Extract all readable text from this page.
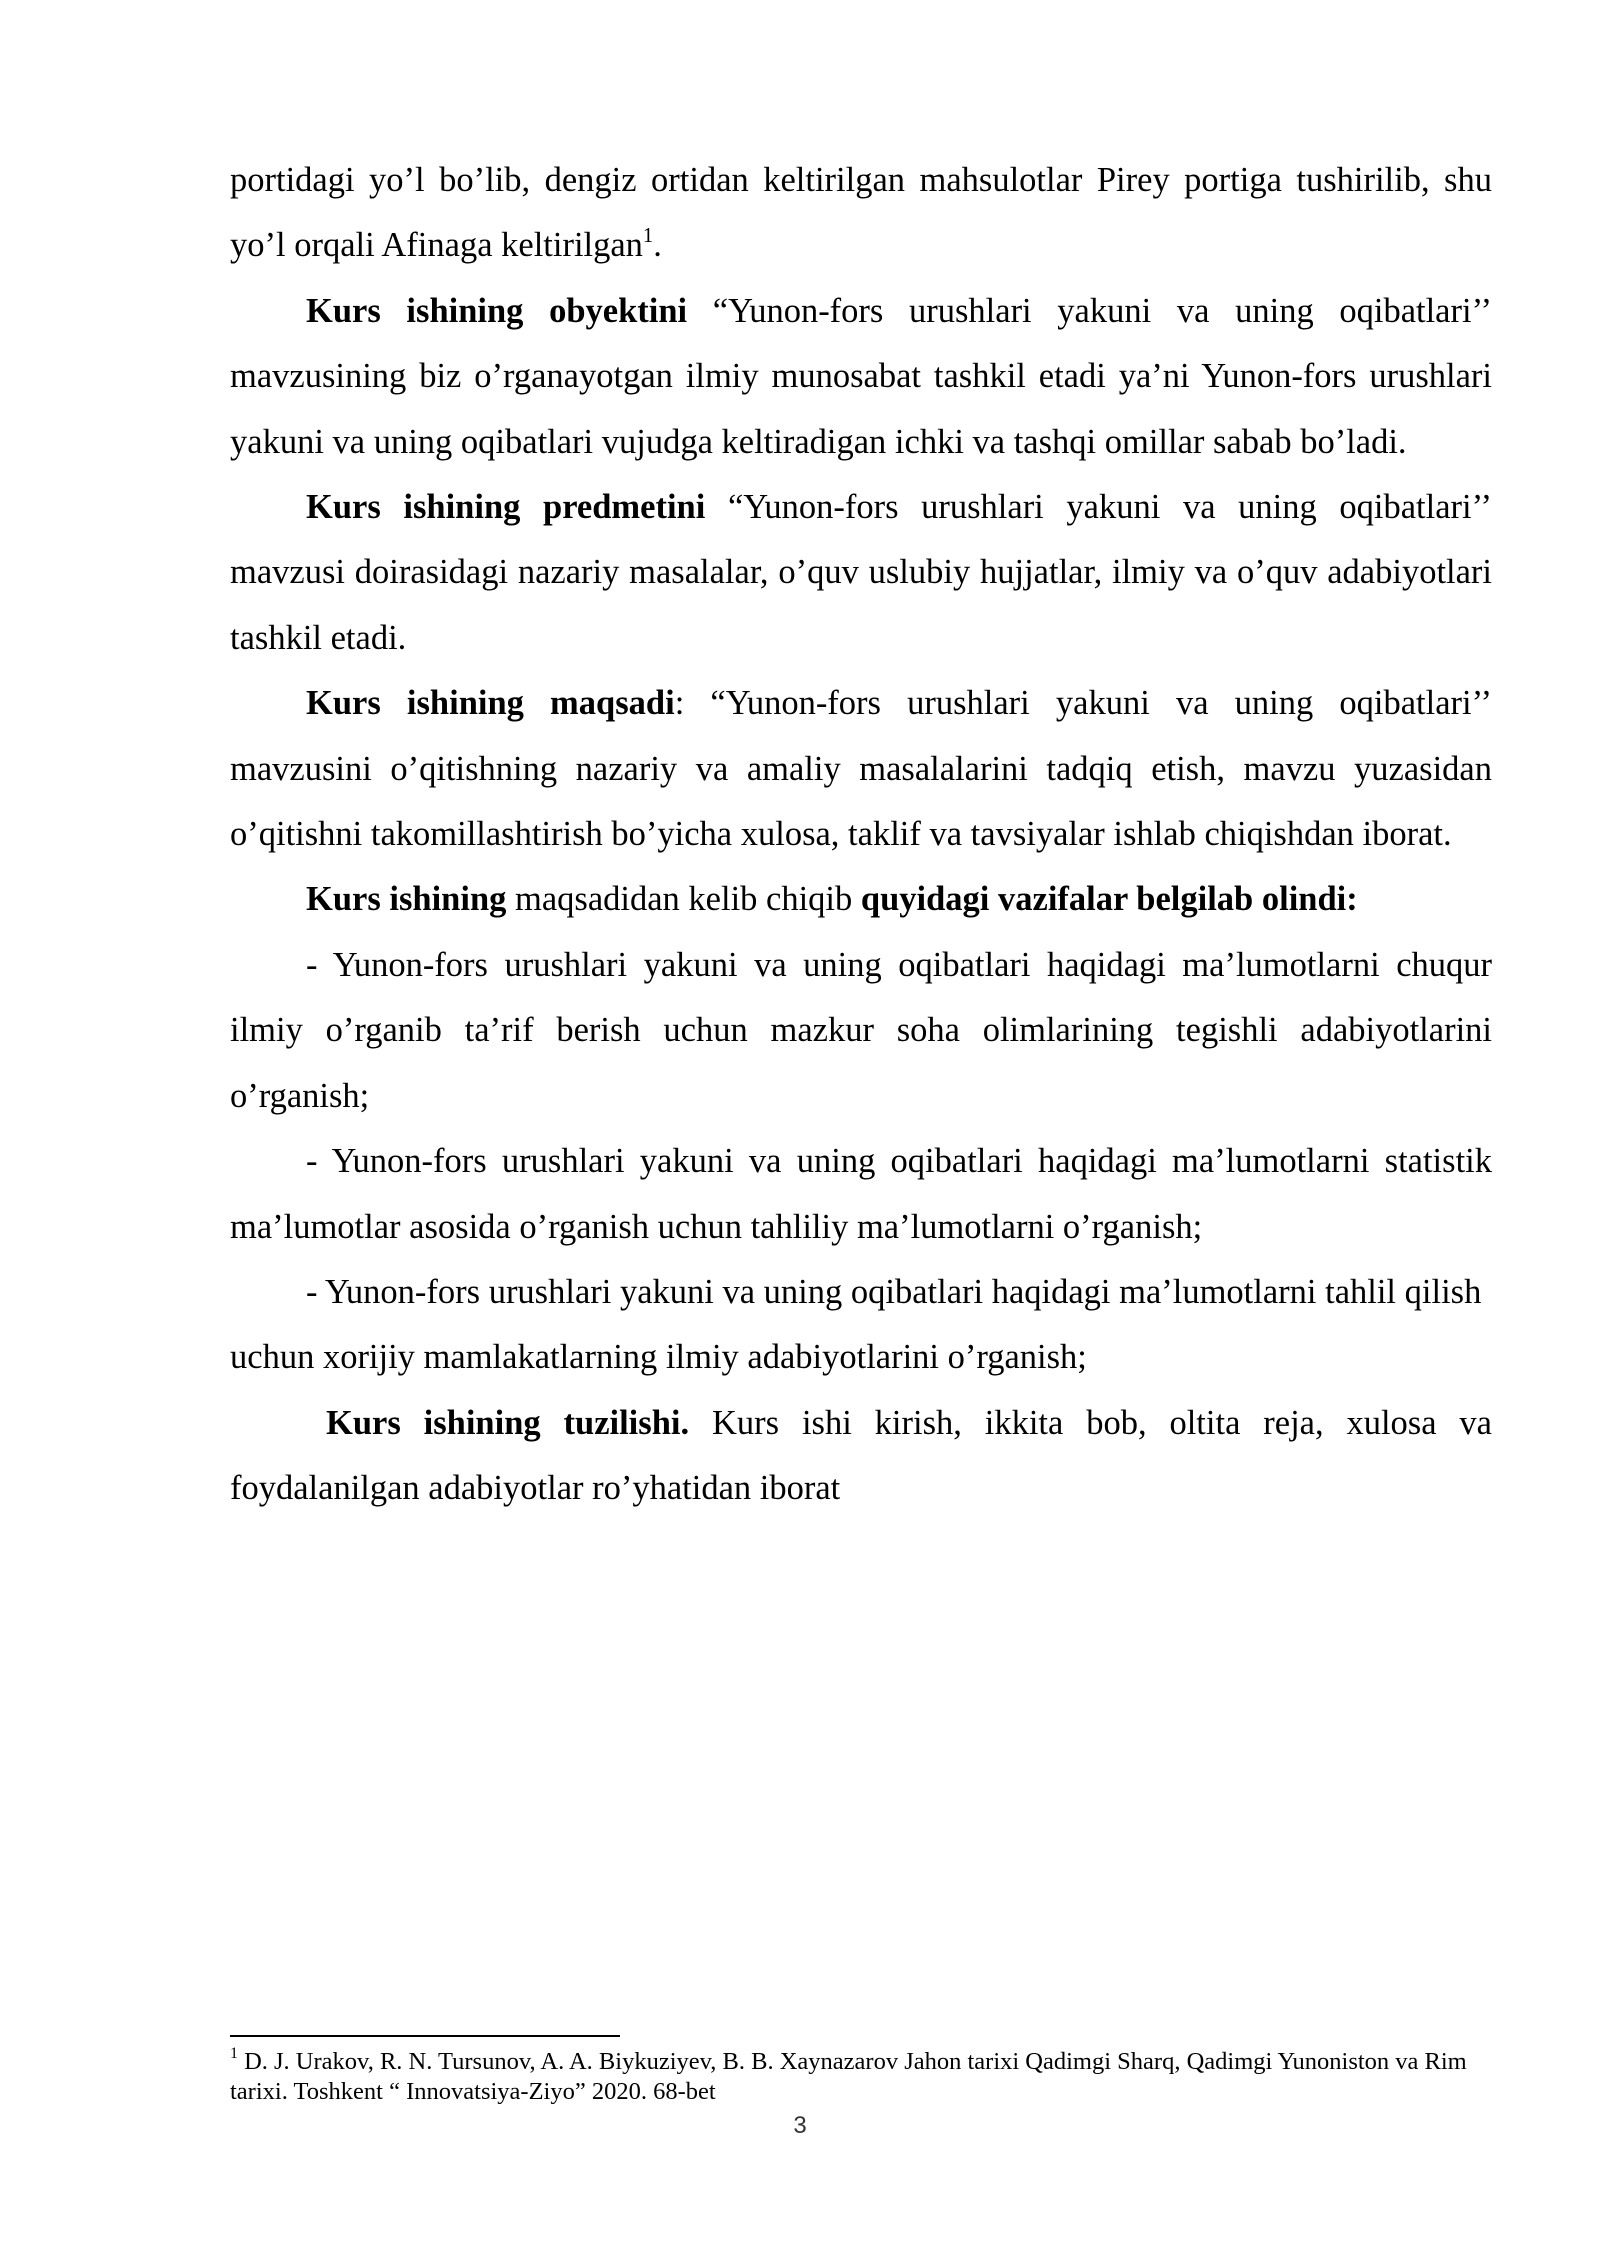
portidagi yo’l bo’lib, dengiz ortidan keltirilgan mahsulotlar Pirey portiga tushirilib, shu yo’l orqali Afinaga keltirilgan$^1$.

Kurs ishining obyektini “Yunon-fors urushlari yakuni va uning oqibatlari’’ mavzusining biz o’rganayotgan ilmiy munosabat tashkil etadi ya’ni Yunon-fors urushlari yakuni va uning oqibatlari vujudga keltiradigan ichki va tashqi omillar sabab bo’ladi.

Kurs ishining predmetini “Yunon-fors urushlari yakuni va uning oqibatlari’’ mavzusi doirasidagi nazariy masalalar, o’quv uslubiy hujjatlar, ilmiy va o’quv adabiyotlari tashkil etadi.

Kurs ishining maqsadi: “Yunon-fors urushlari yakuni va uning oqibatlari’’ mavzusini o’qitishning nazariy va amaliy masalalarini tadqiq etish, mavzu yuzasidan o’qitishni takomillashtirish bo’yicha xulosa, taklif va tavsiyalar ishlab chiqishdan iborat.

Kurs ishining maqsadidan kelib chiqib quyidagi vazifalar belgilab olindi:

- Yunon-fors urushlari yakuni va uning oqibatlari haqidagi ma’lumotlarni chuqur ilmiy o’rganib ta’rif berish uchun mazkur soha olimlarining tegishli adabiyotlarini o’rganish;

- Yunon-fors urushlari yakuni va uning oqibatlari haqidagi ma’lumotlarni statistik ma’lumotlar asosida o’rganish uchun tahliliy ma’lumotlarni o’rganish;

- Yunon-fors urushlari yakuni va uning oqibatlari haqidagi ma’lumotlarni tahlil qilish uchun xorijiy mamlakatlarning ilmiy adabiyotlarini o’rganish;

Kurs ishining tuzilishi. Kurs ishi kirish, ikkita bob, oltita reja, xulosa va foydalanilgan adabiyotlar ro’yhatidan iborat

$^1$ D. J. Urakov, R. N. Tursunov, A. A. Biykuziyev, B. B. Xaynazarov Jahon tarixi Qadimgi Sharq, Qadimgi Yunoniston va Rim tarixi. Toshkent “ Innovatsiya-Ziyo” 2020. 68-bet

3
